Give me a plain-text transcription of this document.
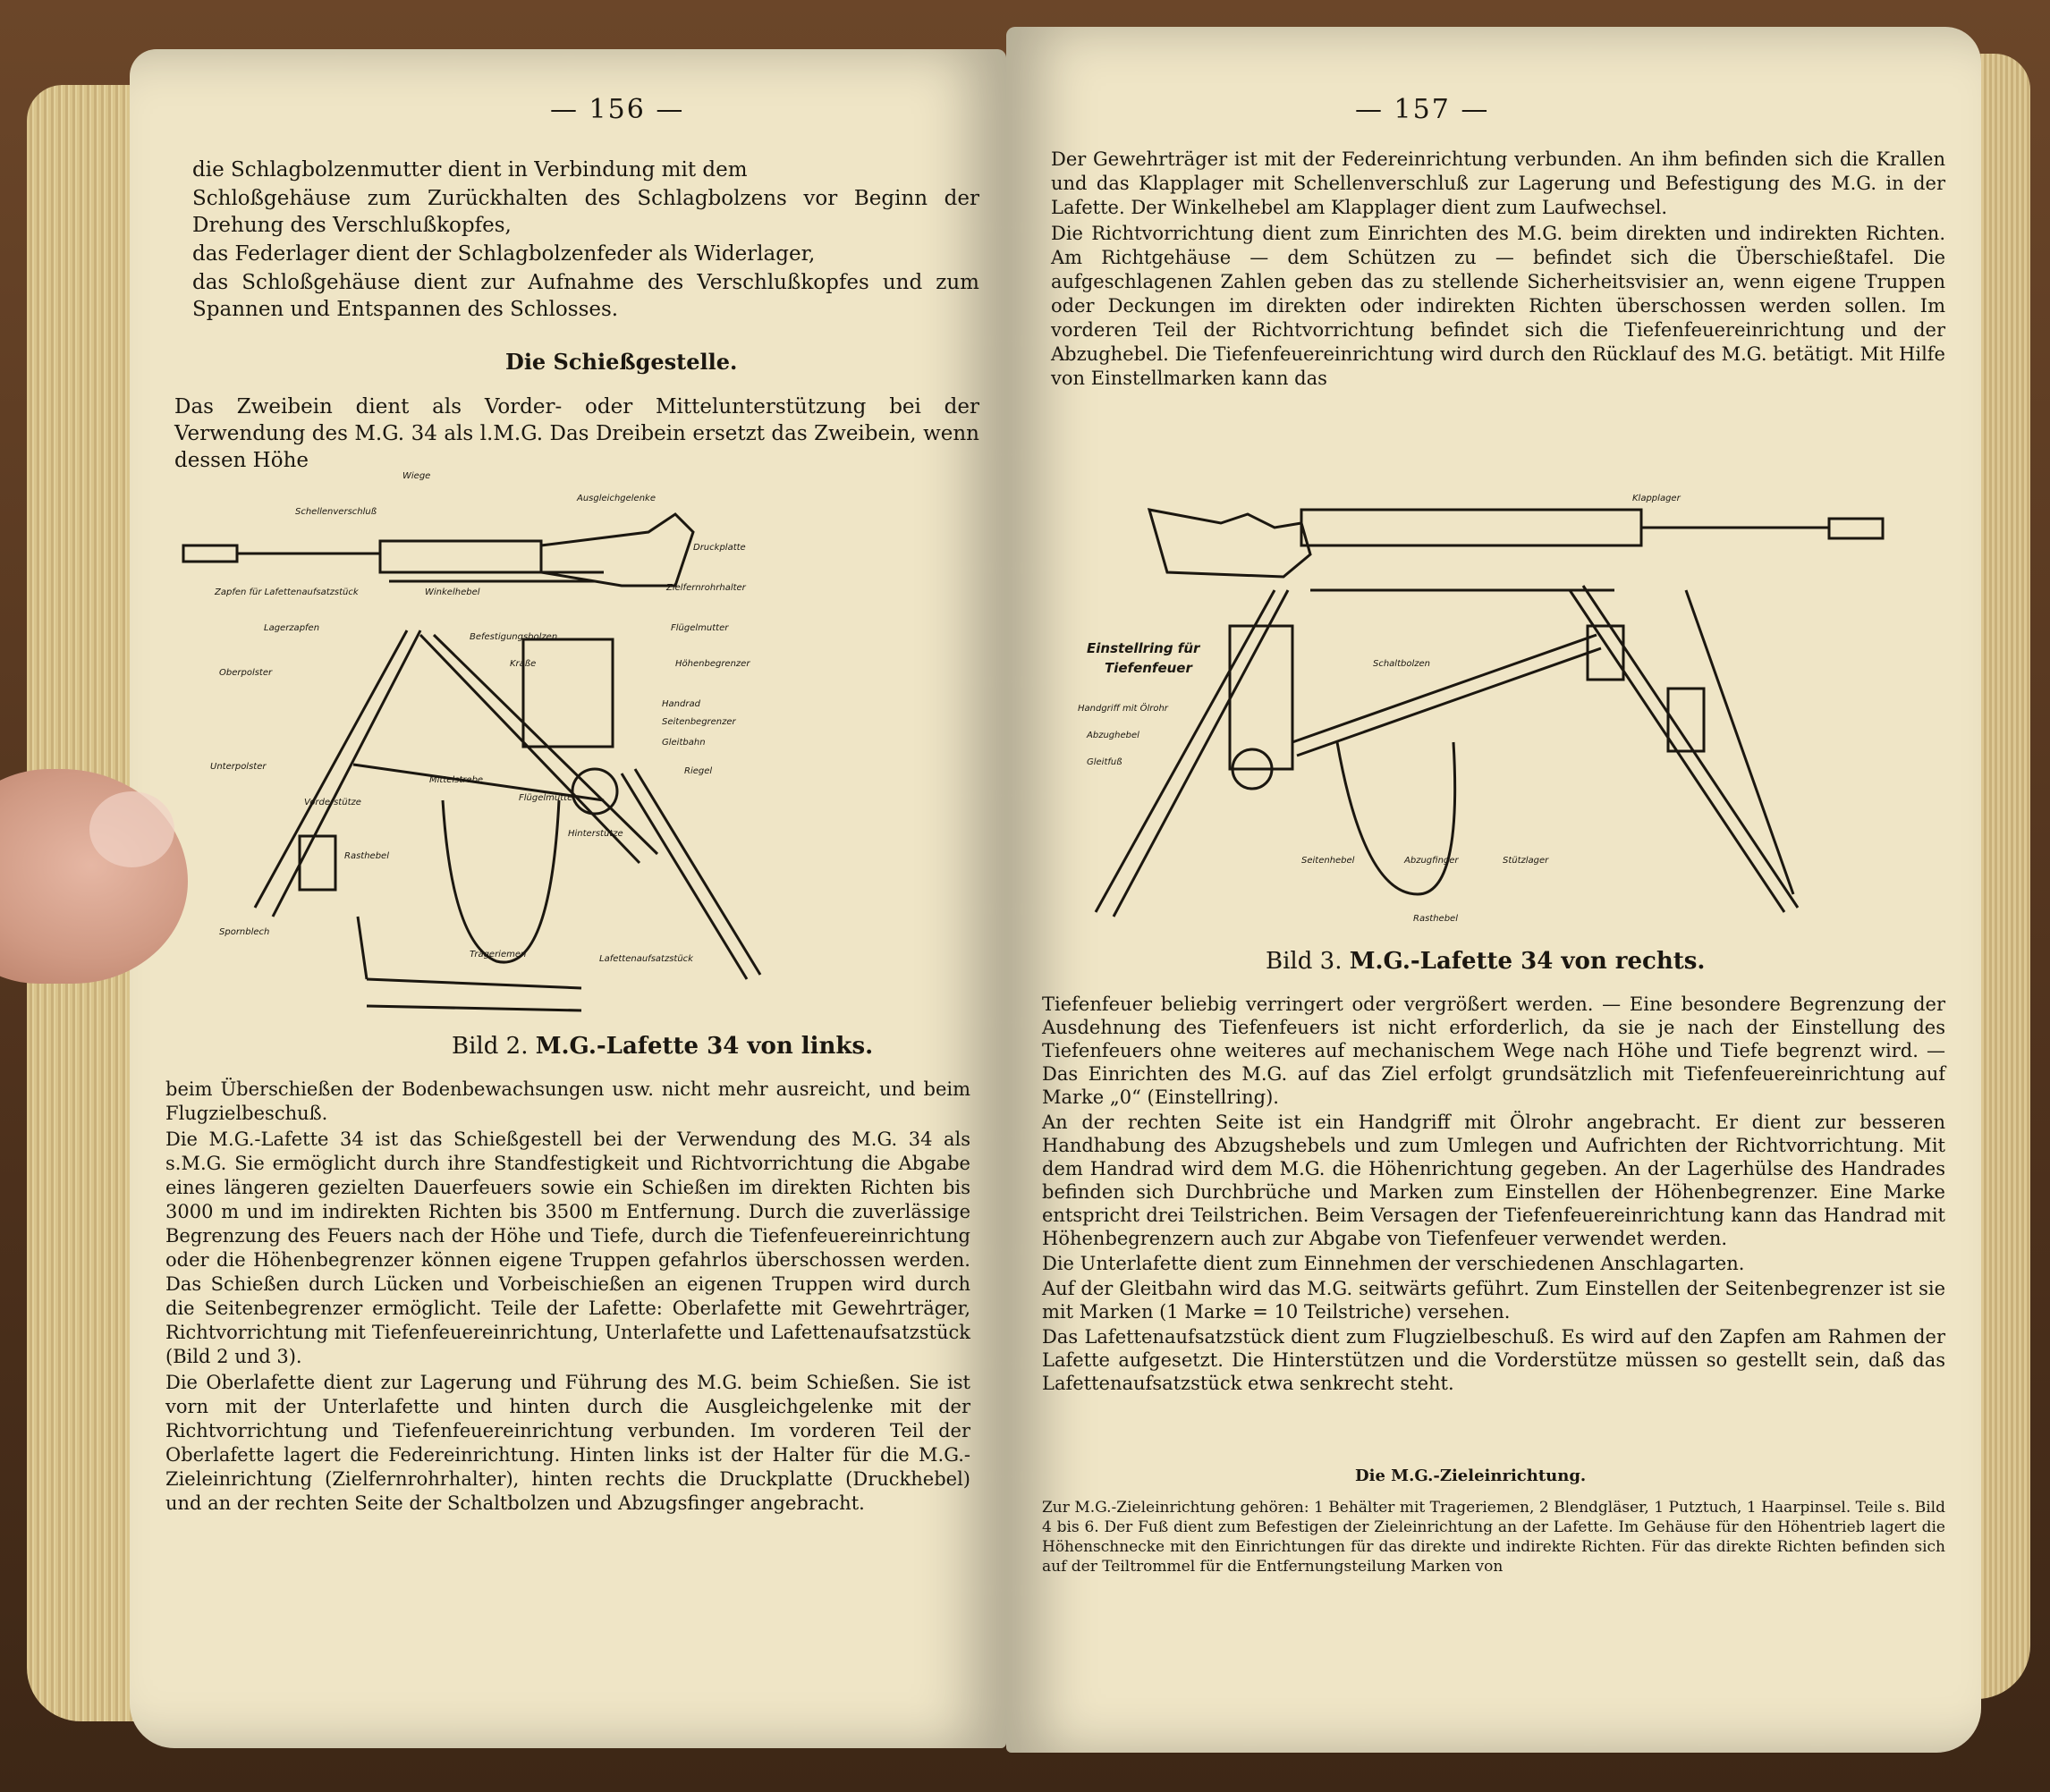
— 156 —

die Schlagbolzenmutter dient in Verbindung mit dem

Schloßgehäuse zum Zurückhalten des Schlagbolzens vor Beginn der Drehung des Verschlußkopfes,

das Federlager dient der Schlagbolzenfeder als Widerlager,

das Schloßgehäuse dient zur Aufnahme des Verschlußkopfes und zum Spannen und Entspannen des Schlosses.

Die Schießgestelle.

Das Zweibein dient als Vorder- oder Mittelunterstützung bei der Verwendung des M.G. 34 als l.M.G. Das Dreibein ersetzt das Zweibein, wenn dessen Höhe

Wiege
Schellenverschluß
Ausgleichgelenke
Druckplatte
Zapfen für Lafettenaufsatzstück	Winkelhebel
Befestigungsbolzen
Zielfernrohrhalter
Flügelmutter
Lagerzapfen
Kraße	Höhenbegrenzer
Oberpolster
Handrad
Seitenbegrenzer
Gleitbahn
Unterpolster
Mittelstrebe
Riegel
Vorderstütze	Flügelmutter
Hinterstütze
Rasthebel
Spornblech
Trageriemen	Lafettenaufsatzstück
Bild 2. M.G.-Lafette 34 von links.

beim Überschießen der Bodenbewachsungen usw. nicht mehr ausreicht, und beim Flugzielbeschuß.

Die M.G.-Lafette 34 ist das Schießgestell bei der Verwendung des M.G. 34 als s.M.G. Sie ermöglicht durch ihre Standfestigkeit und Richtvorrichtung die Abgabe eines längeren gezielten Dauerfeuers sowie ein Schießen im direkten Richten bis 3000 m und im indirekten Richten bis 3500 m Entfernung. Durch die zuverlässige Begrenzung des Feuers nach der Höhe und Tiefe, durch die Tiefenfeuereinrichtung oder die Höhenbegrenzer können eigene Truppen gefahrlos überschossen werden. Das Schießen durch Lücken und Vorbeischießen an eigenen Truppen wird durch die Seitenbegrenzer ermöglicht. Teile der Lafette: Oberlafette mit Gewehrträger, Richtvorrichtung mit Tiefenfeuereinrichtung, Unterlafette und Lafettenaufsatzstück (Bild 2 und 3).

Die Oberlafette dient zur Lagerung und Führung des M.G. beim Schießen. Sie ist vorn mit der Unterlafette und hinten durch die Ausgleichgelenke mit der Richtvorrichtung und Tiefenfeuereinrichtung verbunden. Im vorderen Teil der Oberlafette lagert die Federeinrichtung. Hinten links ist der Halter für die M.G.-Zieleinrichtung (Zielfernrohrhalter), hinten rechts die Druckplatte (Druckhebel) und an der rechten Seite der Schaltbolzen und Abzugsfinger angebracht.

— 157 —

Der Gewehrträger ist mit der Federeinrichtung verbunden. An ihm befinden sich die Krallen und das Klapplager mit Schellenverschluß zur Lagerung und Befestigung des M.G. in der Lafette. Der Winkelhebel am Klapplager dient zum Laufwechsel.

Die Richtvorrichtung dient zum Einrichten des M.G. beim direkten und indirekten Richten. Am Richtgehäuse — dem Schützen zu — befindet sich die Überschießtafel. Die aufgeschlagenen Zahlen geben das zu stellende Sicherheitsvisier an, wenn eigene Truppen oder Deckungen im direkten oder indirekten Richten überschossen werden sollen. Im vorderen Teil der Richtvorrichtung befindet sich die Tiefenfeuereinrichtung und der Abzughebel. Die Tiefenfeuereinrichtung wird durch den Rücklauf des M.G. betätigt. Mit Hilfe von Einstellmarken kann das

Klapplager
Einstellring für
Tiefenfeuer	Schaltbolzen
Handgriff mit Ölrohr
Abzughebel
Gleitfuß
Seitenhebel	Abzugfinger	Stützlager
Rasthebel
Bild 3. M.G.-Lafette 34 von rechts.

Tiefenfeuer beliebig verringert oder vergrößert werden. — Eine besondere Begrenzung der Ausdehnung des Tiefenfeuers ist nicht erforderlich, da sie je nach der Einstellung des Tiefenfeuers ohne weiteres auf mechanischem Wege nach Höhe und Tiefe begrenzt wird. — Das Einrichten des M.G. auf das Ziel erfolgt grundsätzlich mit Tiefenfeuereinrichtung auf Marke „0“ (Einstellring).

An der rechten Seite ist ein Handgriff mit Ölrohr angebracht. Er dient zur besseren Handhabung des Abzugshebels und zum Umlegen und Aufrichten der Richtvorrichtung. Mit dem Handrad wird dem M.G. die Höhenrichtung gegeben. An der Lagerhülse des Handrades befinden sich Durchbrüche und Marken zum Einstellen der Höhenbegrenzer. Eine Marke entspricht drei Teilstrichen. Beim Versagen der Tiefenfeuereinrichtung kann das Handrad mit Höhenbegrenzern auch zur Abgabe von Tiefenfeuer verwendet werden.

Die Unterlafette dient zum Einnehmen der verschiedenen Anschlagarten.

Auf der Gleitbahn wird das M.G. seitwärts geführt. Zum Einstellen der Seitenbegrenzer ist sie mit Marken (1 Marke = 10 Teilstriche) versehen.

Das Lafettenaufsatzstück dient zum Flugzielbeschuß. Es wird auf den Zapfen am Rahmen der Lafette aufgesetzt. Die Hinterstützen und die Vorderstütze müssen so gestellt sein, daß das Lafettenaufsatzstück etwa senkrecht steht.

Die M.G.-Zieleinrichtung.

Zur M.G.-Zieleinrichtung gehören: 1 Behälter mit Trageriemen, 2 Blendgläser, 1 Putztuch, 1 Haarpinsel. Teile s. Bild 4 bis 6. Der Fuß dient zum Befestigen der Zieleinrichtung an der Lafette. Im Gehäuse für den Höhentrieb lagert die Höhenschnecke mit den Einrichtungen für das direkte und indirekte Richten. Für das direkte Richten befinden sich auf der Teiltrommel für die Entfernungsteilung Marken von
